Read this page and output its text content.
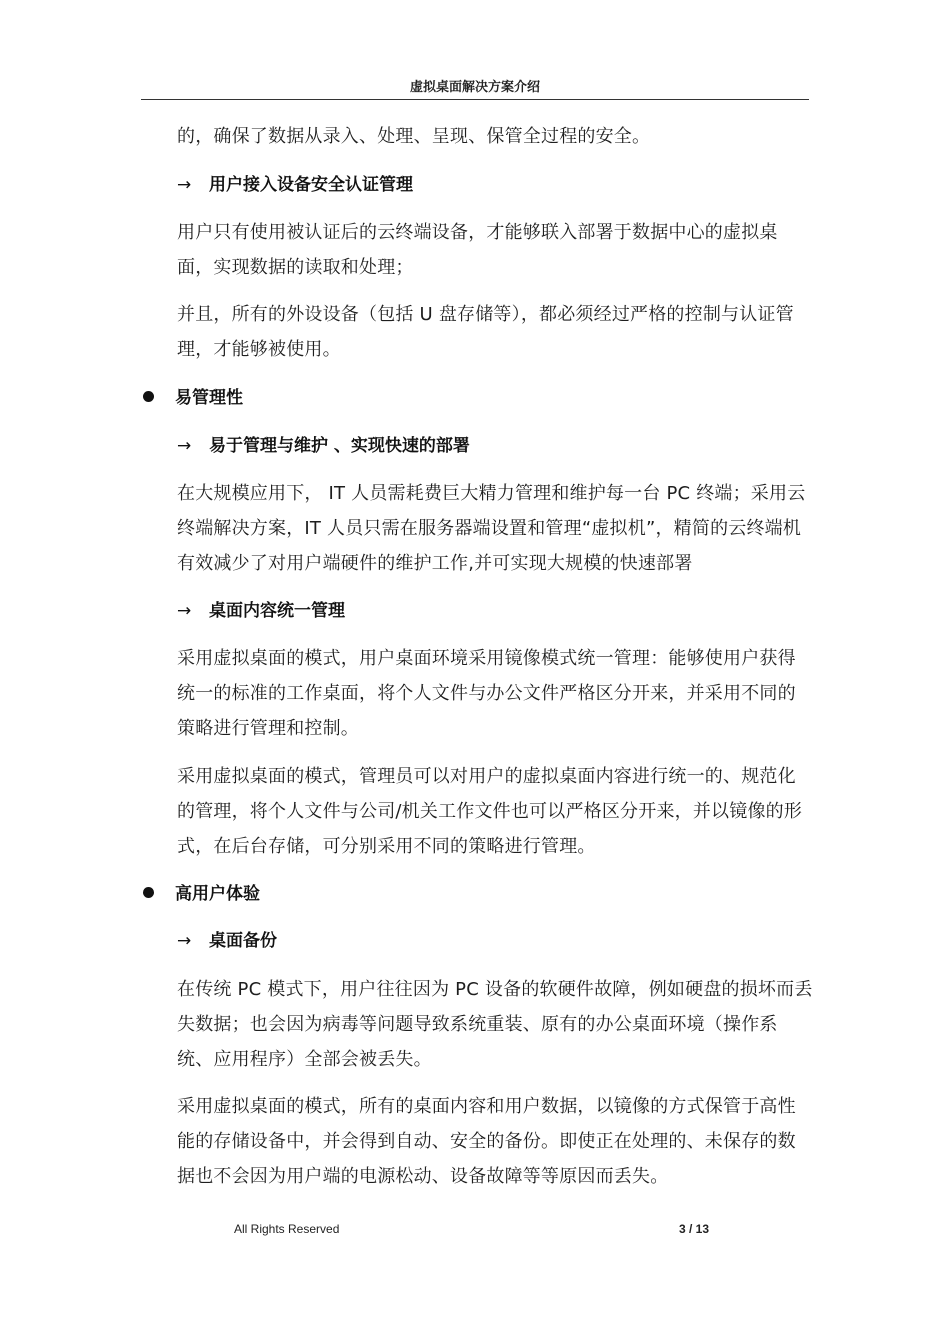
虚拟桌面解决方案介绍

的，确保了数据从录入、处理、呈现、保管全过程的安全。

→ 用户接入设备安全认证管理

用户只有使用被认证后的云终端设备，才能够联入部署于数据中心的虚拟桌面，实现数据的读取和处理；

并且，所有的外设设备（包括 U 盘存储等），都必须经过严格的控制与认证管理，才能够被使用。

易管理性
→ 易于管理与维护 、实现快速的部署

在大规模应用下， IT 人员需耗费巨大精力管理和维护每一台 PC 终端；采用云终端解决方案，IT 人员只需在服务器端设置和管理“虚拟机”，精简的云终端机有效减少了对用户端硬件的维护工作,并可实现大规模的快速部署

→ 桌面内容统一管理

采用虚拟桌面的模式，用户桌面环境采用镜像模式统一管理：能够使用户获得统一的标准的工作桌面，将个人文件与办公文件严格区分开来，并采用不同的策略进行管理和控制。

采用虚拟桌面的模式，管理员可以对用户的虚拟桌面内容进行统一的、规范化的管理，将个人文件与公司/机关工作文件也可以严格区分开来，并以镜像的形式，在后台存储，可分别采用不同的策略进行管理。

高用户体验
→ 桌面备份

在传统 PC 模式下，用户往往因为 PC 设备的软硬件故障，例如硬盘的损坏而丢失数据；也会因为病毒等问题导致系统重装、原有的办公桌面环境（操作系统、应用程序）全部会被丢失。

采用虚拟桌面的模式，所有的桌面内容和用户数据，以镜像的方式保管于高性能的存储设备中，并会得到自动、安全的备份。即使正在处理的、未保存的数据也不会因为用户端的电源松动、设备故障等等原因而丢失。

All Rights Reserved	3 / 13
